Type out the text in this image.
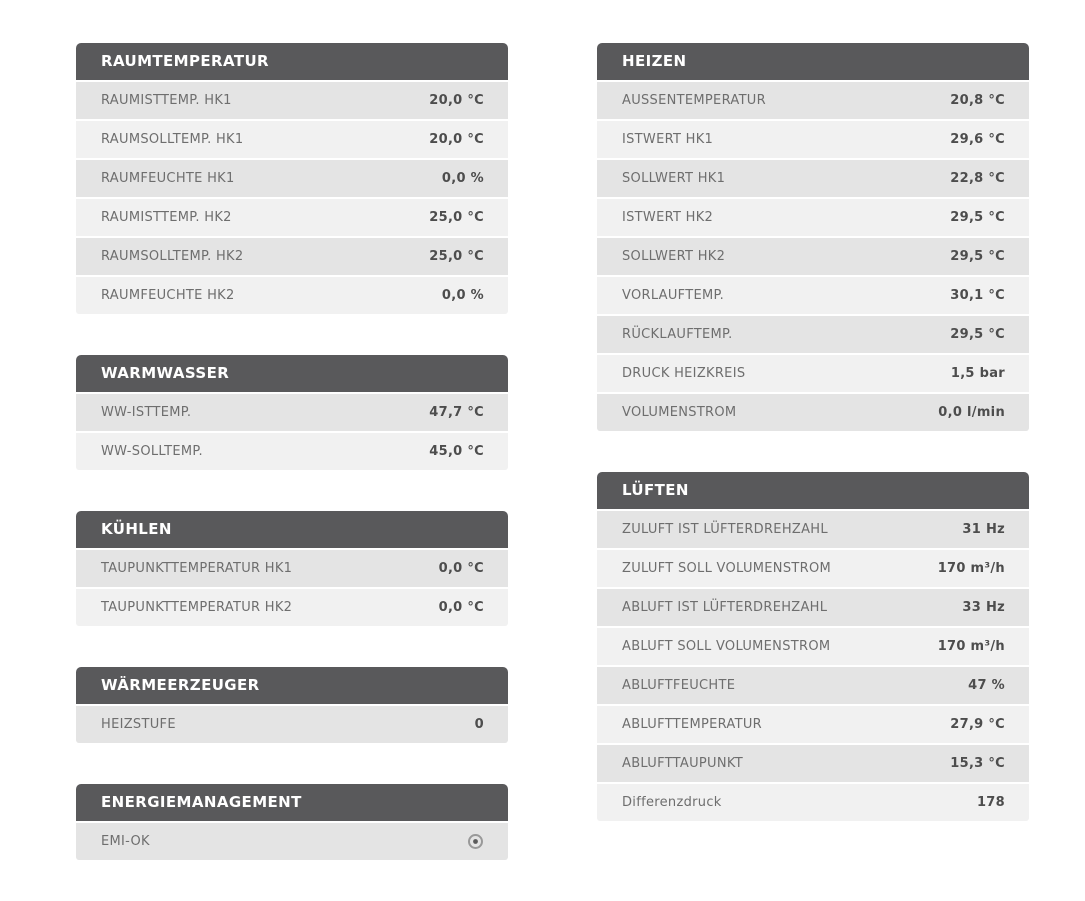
RAUMTEMPERATUR
RAUMISTTEMP. HK1	20,0 °C
RAUMSOLLTEMP. HK1	20,0 °C
RAUMFEUCHTE HK1	0,0 %
RAUMISTTEMP. HK2	25,0 °C
RAUMSOLLTEMP. HK2	25,0 °C
RAUMFEUCHTE HK2	0,0 %
WARMWASSER
WW-ISTTEMP.	47,7 °C
WW-SOLLTEMP.	45,0 °C
KÜHLEN
TAUPUNKTTEMPERATUR HK1	0,0 °C
TAUPUNKTTEMPERATUR HK2	0,0 °C
WÄRMEERZEUGER
HEIZSTUFE	0
ENERGIEMANAGEMENT
EMI-OK
HEIZEN
AUSSENTEMPERATUR	20,8 °C
ISTWERT HK1	29,6 °C
SOLLWERT HK1	22,8 °C
ISTWERT HK2	29,5 °C
SOLLWERT HK2	29,5 °C
VORLAUFTEMP.	30,1 °C
RÜCKLAUFTEMP.	29,5 °C
DRUCK HEIZKREIS	1,5 bar
VOLUMENSTROM	0,0 l/min
LÜFTEN
ZULUFT IST LÜFTERDREHZAHL	31 Hz
ZULUFT SOLL VOLUMENSTROM	170 m³/h
ABLUFT IST LÜFTERDREHZAHL	33 Hz
ABLUFT SOLL VOLUMENSTROM	170 m³/h
ABLUFTFEUCHTE	47 %
ABLUFTTEMPERATUR	27,9 °C
ABLUFTTAUPUNKT	15,3 °C
Differenzdruck	178
